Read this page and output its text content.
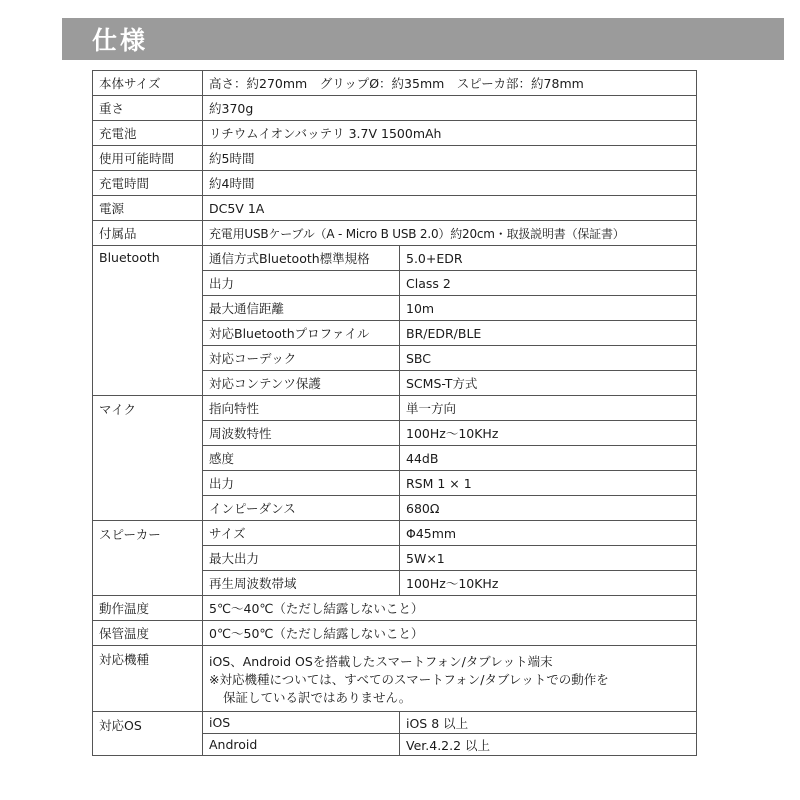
仕様
本体サイズ	高さ：約270mm　グリップØ：約35mm　スピーカ部：約78mm	
重さ	約370g	
充電池	リチウムイオンバッテリ 3.7V 1500mAh	
使用可能時間	約5時間	
充電時間	約4時間	
電源	DC5V 1A	
付属品	充電用USBケーブル（A - Micro B USB 2.0）約20cm・取扱説明書（保証書）	
Bluetooth	通信方式Bluetooth標準規格	5.0+EDR
	出力	Class 2
	最大通信距離	10m
	対応Bluetoothプロファイル	BR/EDR/BLE
	対応コーデック	SBC
	対応コンテンツ保護	SCMS-T方式
マイク	指向特性	単一方向
	周波数特性	100Hz〜10KHz
	感度	44dB
	出力	RSM 1 × 1
	インピーダンス	680Ω
スピーカー	サイズ	Φ45mm
	最大出力	5W×1
	再生周波数帯域	100Hz〜10KHz
動作温度	5℃〜40℃（ただし結露しないこと）	
保管温度	0℃〜50℃（ただし結露しないこと）	
対応機種	iOS、Android OSを搭載したスマートフォン/タブレット端末
※対応機種については、すべてのスマートフォン/タブレットでの動作を
保証している訳ではありません。	

対応OS	iOS	iOS 8 以上
	Android	Ver.4.2.2 以上
